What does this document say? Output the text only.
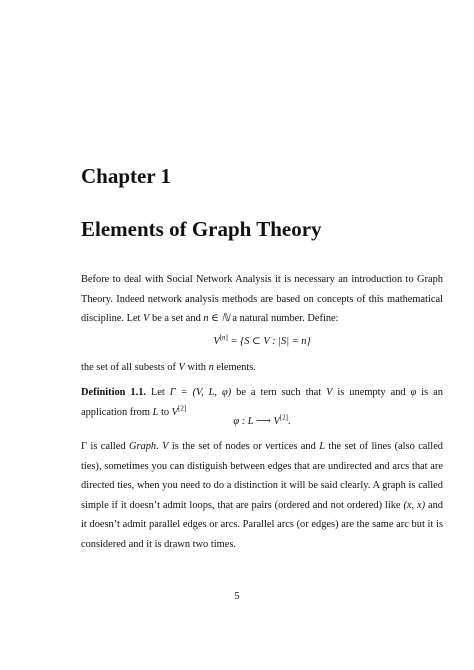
Chapter 1
Elements of Graph Theory
Before to deal with Social Network Analysis it is necessary an introduction to Graph Theory. Indeed network analysis methods are based on concepts of this mathematical discipline. Let V be a set and n ∈ ℕ a natural number. Define:
V[n] = {S ⊂ V : |S| = n}
the set of all subests of V with n elements.
Definition 1.1. Let Γ = (V, L, φ) be a tern such that V is unempty and φ is an application from L to V[2]
φ : L ⟶ V[2].
Γ is called Graph. V is the set of nodes or vertices and L the set of lines (also called ties), sometimes you can distiguish between edges that are undirected and arcs that are directed ties, when you need to do a distinction it will be said clearly. A graph is called simple if it doesn’t admit loops, that are pairs (ordered and not ordered) like (x, x) and it doesn’t admit parallel edges or arcs. Parallel arcs (or edges) are the same arc but it is considered and it is drawn two times.
5
